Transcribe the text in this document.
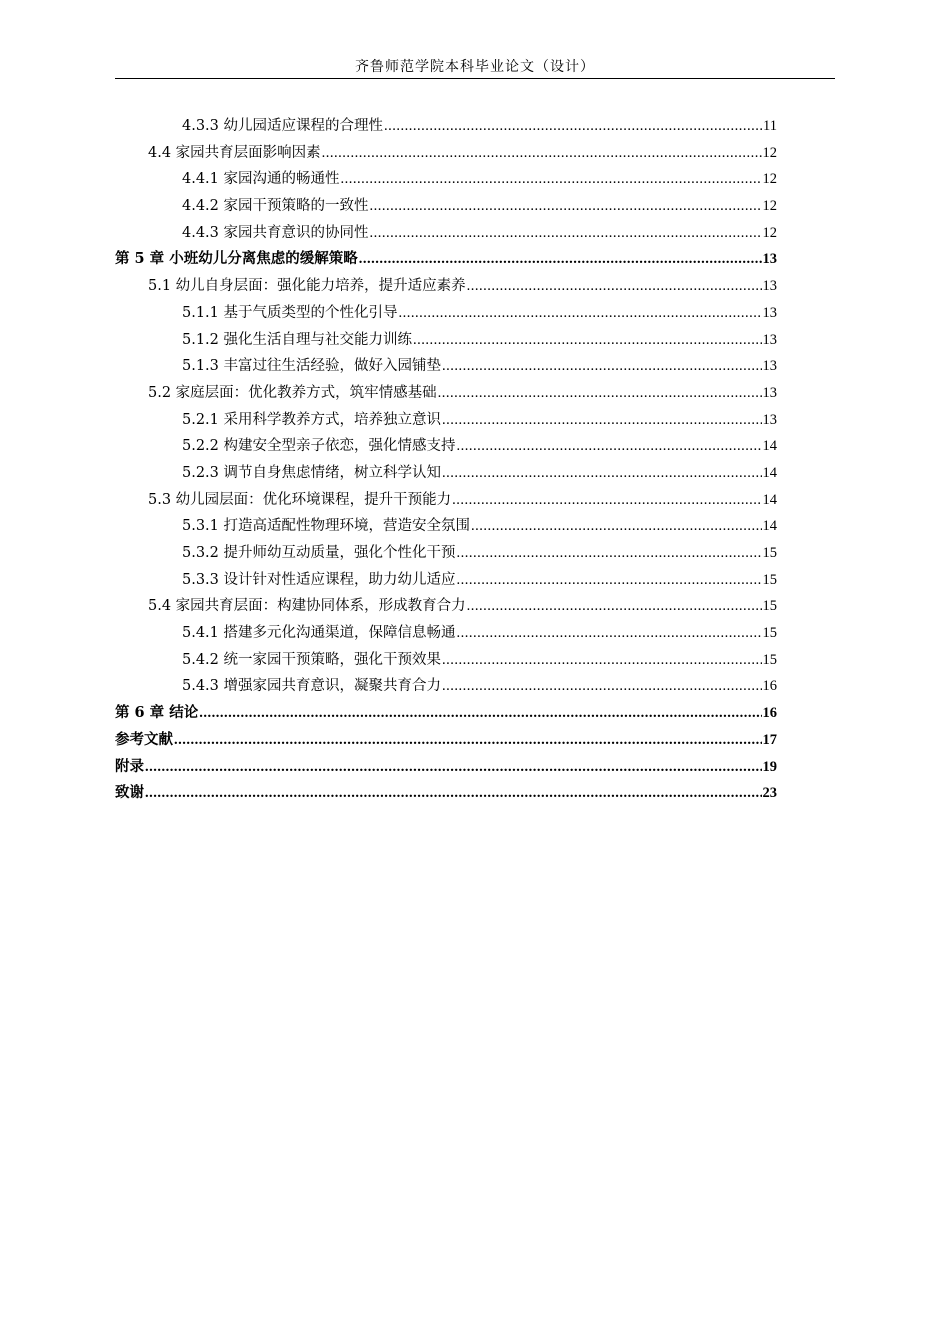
齐鲁师范学院本科毕业论文（设计）
4.3.3 幼儿园适应课程的合理性 .....	11
4.4 家园共育层面影响因素 .....	12
4.4.1 家园沟通的畅通性 .....	12
4.4.2 家园干预策略的一致性 .....	12
4.4.3 家园共育意识的协同性 .....	12
第 5 章 小班幼儿分离焦虑的缓解策略 .....	13
5.1 幼儿自身层面：强化能力培养，提升适应素养 .....	13
5.1.1 基于气质类型的个性化引导 .....	13
5.1.2 强化生活自理与社交能力训练 .....	13
5.1.3 丰富过往生活经验，做好入园铺垫 .....	13
5.2 家庭层面：优化教养方式，筑牢情感基础 .....	13
5.2.1 采用科学教养方式，培养独立意识 .....	13
5.2.2 构建安全型亲子依恋，强化情感支持 .....	14
5.2.3 调节自身焦虑情绪，树立科学认知 .....	14
5.3 幼儿园层面：优化环境课程，提升干预能力 .....	14
5.3.1 打造高适配性物理环境，营造安全氛围 .....	14
5.3.2 提升师幼互动质量，强化个性化干预 .....	15
5.3.3 设计针对性适应课程，助力幼儿适应 .....	15
5.4 家园共育层面：构建协同体系，形成教育合力 .....	15
5.4.1 搭建多元化沟通渠道，保障信息畅通 .....	15
5.4.2 统一家园干预策略，强化干预效果 .....	15
5.4.3 增强家园共育意识，凝聚共育合力 .....	16
第 6 章 结论 .....	16
参考文献 .....	17
附录 .....	19
致谢 .....	23
